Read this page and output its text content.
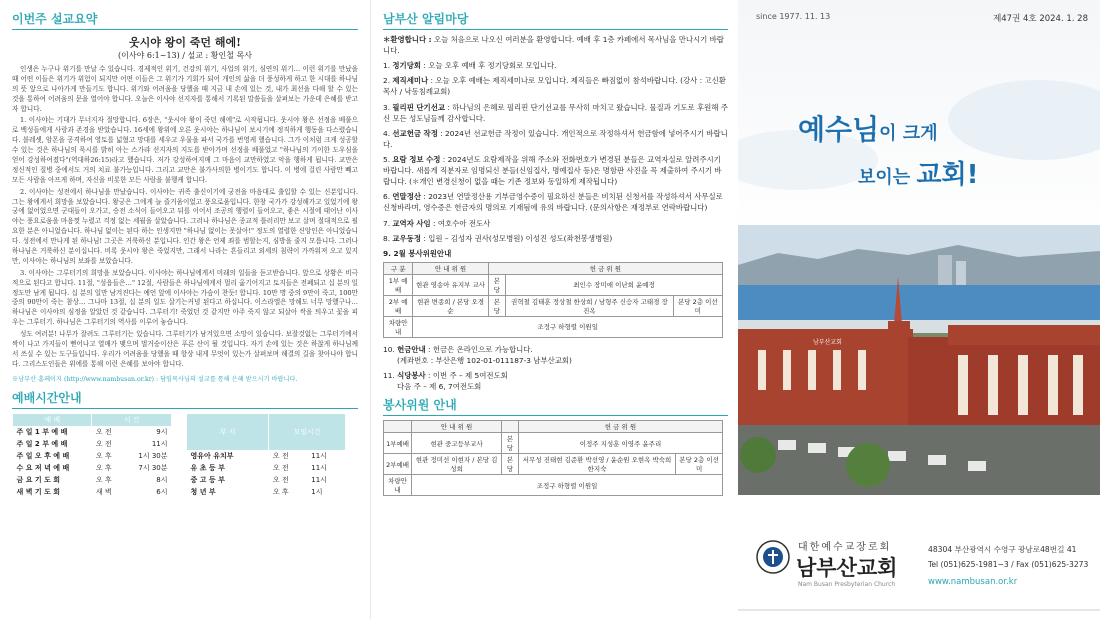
이번주 설교요약
웃시야 왕이 죽던 해에!
(이사야 6:1~13) / 설교 : 황인철 목사

인생은 누구나 위기를 만날 수 있습니다. 경제적인 위기, 건강의 위기, 사업의 위기, 심연의 위기… 이런 위기를 만났을 때 어떤 이들은 위기가 위험이 되지만 어떤 이들은 그 위기가 기회가 되어 개인의 삶을 더 풍성하게 하고 한 시대를 하나님의 뜻 앞으로 나아가게 만들기도 합니다. 위기와 어려움을 당했을 때 지금 내 손에 있는 것, 내가 최선을 다해 할 수 있는 것을 통하여 어려움의 문을 열어야 합니다. 오늘은 이사야 선지자를 통해서 기록된 말씀들을 살펴보는 가운데 은혜를 받고자 합니다.

1. 이사야는 기대가 무너지자 절망합니다. 6장은, "웃시야 왕이 죽던 해에"로 시작됩니다. 웃시야 왕은 선정을 베풀으로 백성들에게 사랑과 존경을 받았습니다. 16세에 왕위에 오른 웃시야는 하나님이 보시기에 정직하게 행동을 다스렸습니다. 블레셋, 암몬을 공격하여 영토를 넓혔고 망대를 세우고 우물을 파서 국가를 번영케 했습니다. 그가 이처럼 크게 성공할 수 있는 것은 하나님의 묵시를 밝히 아는 스가랴 선지자의 지도를 받아가며 선정을 베풀었고 "하나님의 기이한 도우심을 얻어 강성하여졌다"(역대하26:15)라고 했습니다. 저가 강성하여지매 그 마음이 교만하였고 악을 행하게 됩니다. 교만은 정신적인 질병 중에서도 거의 치료 불가능입니다. 그리고 교만은 불가사의한 병이기도 합니다. 이 병에 걸린 사람만 빼고 모든 사람을 아프게 하며, 자신을 비롯한 모든 사람을 불행케 합니다.

2. 이사야는 성전에서 하나님을 만났습니다. 이사야는 귀족 출신이기에 궁전을 마음대로 출입할 수 있는 신분입니다. 그는 왕에게서 희망을 보았습니다. 왕궁은 그에게 늘 즐거움이었고 풍요로움입니다. 한창 국가가 강성해가고 있었기에 왕궁에 없어었으면 군대들이 오가고, 승전 소식이 들어오고 뒤를 이어서 조공의 행렬이 들어오고, 좋은 시절에 태어난 이사야는 풍요로움을 마음껏 누렸고 걱정 없는 세월을 살았습니다. 그러나 하나님은 종교적 틀러리만 보고 살며 절대적으로 필요한 분은 아니었습니다. 하나님 없이는 된다 하는 인생지만 "하나님 없이는 못살아!" 정도의 열렬한 신앙인은 아니었습니다. 성전에서 만나게 된 하나님! 그곳은 거룩하신 분입니다. 인간 왕은 언제 죄를 범할는지, 심방을 줄지 모릅니다. 그러나 하나님은 거룩하신 분이십니다. 비록 웃시야 왕은 죽었지만, 그래서 나라는 흔들리고 외세의 침략이 가까워져 오고 있지만, 이사야는 하나님의 보좌를 보았습니다.

3. 이사야는 그루터기의 희망을 보았습니다. 이사야는 하나님에게서 미래의 일들을 듣고받습니다. 앞으로 상황은 비극적으로 된다고 합니다. 11절, "성읍들은…" 12절, 사람들은 하나님에게서 멀리 옮기어지고 토지들은 전폐되고 십 분의 일 정도만 남게 됩니다. 십 분의 일만 남겨진다는 예언 앞에 이사야는 가슴이 찬듯! 합니다. 10만 명 중의 9만이 죽고, 100만 중의 90만이 죽는 참상… 그나마 13절, 십 분의 일도 살기는커녕 된다고 하십니다. 이스라엘은 망해도 너무 망했구나… 하나님은 이사야의 심정을 알았던 것 같습니다. 그루터기! 죽었던 것 같지만 아주 죽지 않고 되살아 싹을 틔우고 꽃을 피우는 그루터기. 하나님은 그루터기의 역사를 이루어 놓습니다.

성도 여러분! 나무가 잘려도 그루터기는 있습니다. 그루터기가 남겨있으면 소망이 있습니다. 보잘것없는 그루터기에서 싹이 나고 가지들이 뻗어나고 열매가 맺으며 벌거숭이산은 푸른 산이 될 것입니다. 자기 손에 있는 것은 하찮게 하나님께서 쓰실 수 있는 도구들입니다. 우리가 어려움을 당했을 때 항상 내게 무엇이 있는가 살펴보며 해결의 길을 찾아나야 합니다. 그리스도인들은 위에를 통해 이런 은혜를 보아야 합니다.

※남부산 홈페이지 (http://www.nambusan.or.kr) : 담임목사님의 설교를 통해 은혜 받으시기 바랍니다.
예배시간안내
예 배	시 간	
주 일 1 부 예 배	오 전	9시
주 일 2 부 예 배	오 전	11시
주 일 오 후 예 배	오 후	1시 30분
수 요 저 녁 예 배	오 후	7시 30분
금 요 기 도 회	오 후	8시
새 벽 기 도 회	새 벽	6시
부 서	모임시간	
영유아 유치부	오 전	11시
유 초 등 부	오 전	11시
중 고 등 부	오 전	11시
청 년 부	오 후	1시
남부산 알림마당
＊환영합니다 : 오늘 처음으로 나오신 여러분을 환영합니다. 예배 후 1층 카페에서 목사님을 만나시기 바랍니다.
1. 정기당회 : 오늘 오후 예배 후 정기당회로 모입니다.
2. 제직세미나 : 오늘 오후 예배는 제직세미나로 모입니다. 제직들은 빠짐없이 참석바랍니다. (강사 : 고신환 목사 / 낙동침례교회)
3. 필리핀 단기선교 : 하나님의 은혜로 필리핀 단기선교를 무사히 마치고 왔습니다. 물질과 기도로 후원해 주신 모든 성도님들께 감사합니다.
4. 선교헌금 작정 : 2024년 선교헌금 작정이 있습니다. 개인적으로 작정하셔서 헌금함에 넣어주시기 바랍니다.
5. 요람 정보 수정 : 2024년도 요람제작을 위해 주소와 전화번호가 변경된 분들은 교역자실로 알려주시기 바랍니다. 새롭게 직분자로 임명되신 분들(신임집사, 명예집사 등)은 명함판 사진을 꼭 제출하여 주시기 바랍니다. (＊개인 변경신청이 없을 때는 기존 정보와 동일하게 제작됩니다)
6. 연말정산 : 2023년 연말정산용 기부금영수증이 필요하신 분들은 비치된 신청서를 작성하셔서 사무실로 신청바라며, 영수증은 헌금자의 명의로 기재됨에 유의 바랍니다. (문의사항은 재정부로 연락바랍니다)
7. 교역자 사임 : 여호수아 전도사
8. 교우동정 : 입원 – 김성자 권사(성모병원) 이성진 성도(좌천봉생병원)
9. 2월 봉사위원안내
구 분	안 내 위 원	헌 금 위 원		
1부 예배	현관 영송아 유지부 교사	본당	최인수 장미애 이난희 윤예정	
2부 예배	현관 변종희 / 본당 오경순	본당	권혁철 김태훈 정상철 한상희 / 남형주 신승자 고태경 장진옥	본당 2층 이선미
차량안내	조정구 하형렬 이원일			
10. 헌금안내 : 헌금은 온라인으로 가능합니다.
(계좌번호 : 부산은행 102-01-011187-3 남부산교회)
11. 식당봉사 : 이번 주 – 제 5여전도회
다음 주 – 제 6, 7여전도회
봉사위원 안내
	안 내 위 원		헌 금 위 원	
1부예배	현관 중고등부교사	본당	이정주 지성훈 이영주 윤주리	
2부예배	현관 정미선 이현자 / 본당 김성희	본당	서무성 진태현 김준환 박선영 / 윤순원 오현옥 박숙희 한지숙	본당 2층 이선미
차량안내	조정구 하형렬 이원일			
since 1977. 11. 13	제47권 4호 2024. 1. 28
예수님이 크게
보이는 교회!
남부산교회
대한예수교장로회
남부산교회
Nam Busan Presbyterian Church
48304 부산광역시 수영구 광남로48번길 41
Tel (051)625-1981~3 / Fax (051)625-3273
www.nambusan.or.kr
